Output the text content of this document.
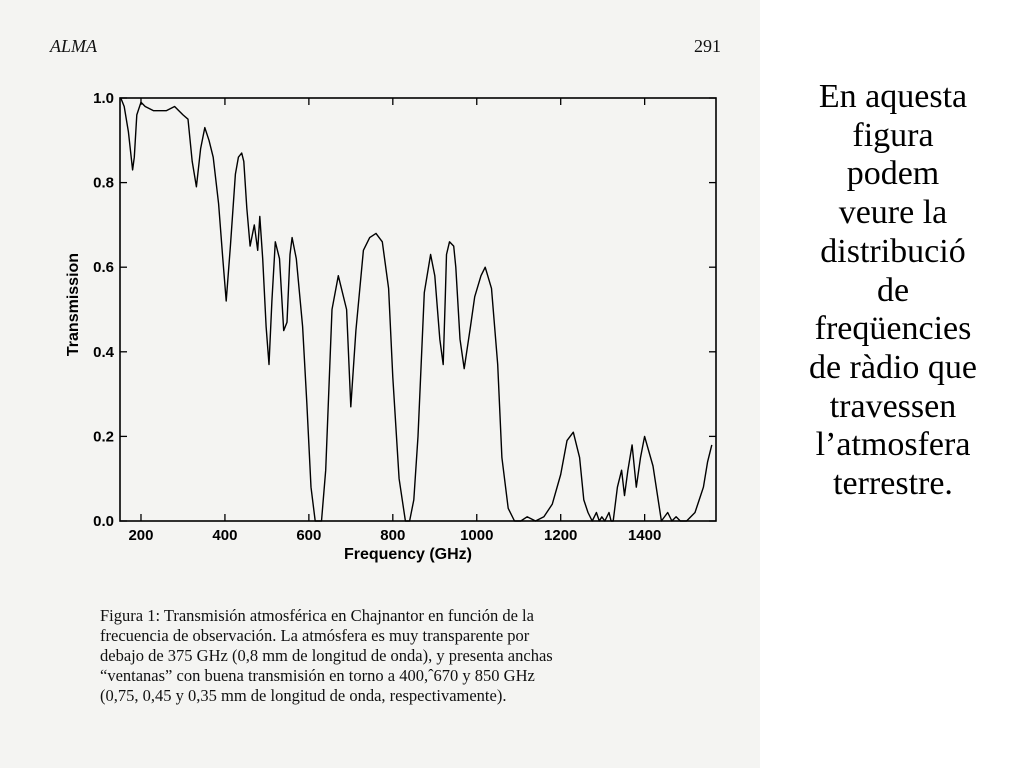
ALMA	291
200	400	600	800	1000	1200	1400
0.0
0.2
0.4
0.6
0.8
1.0
Frequency (GHz)
Transmission
Figura 1: Transmisión atmosférica en Chajnantor en función de la
frecuencia de observación. La atmósfera es muy transparente por
debajo de 375 GHz (0,8 mm de longitud de onda), y presenta anchas
“ventanas” con buena transmisión en torno a 400,ˆ670 y 850 GHz
(0,75, 0,45 y 0,35 mm de longitud de onda, respectivamente).
En aquesta
figura
podem
veure la
distribució
de
freqüencies
de ràdio que
travessen
l’atmosfera
terrestre.
